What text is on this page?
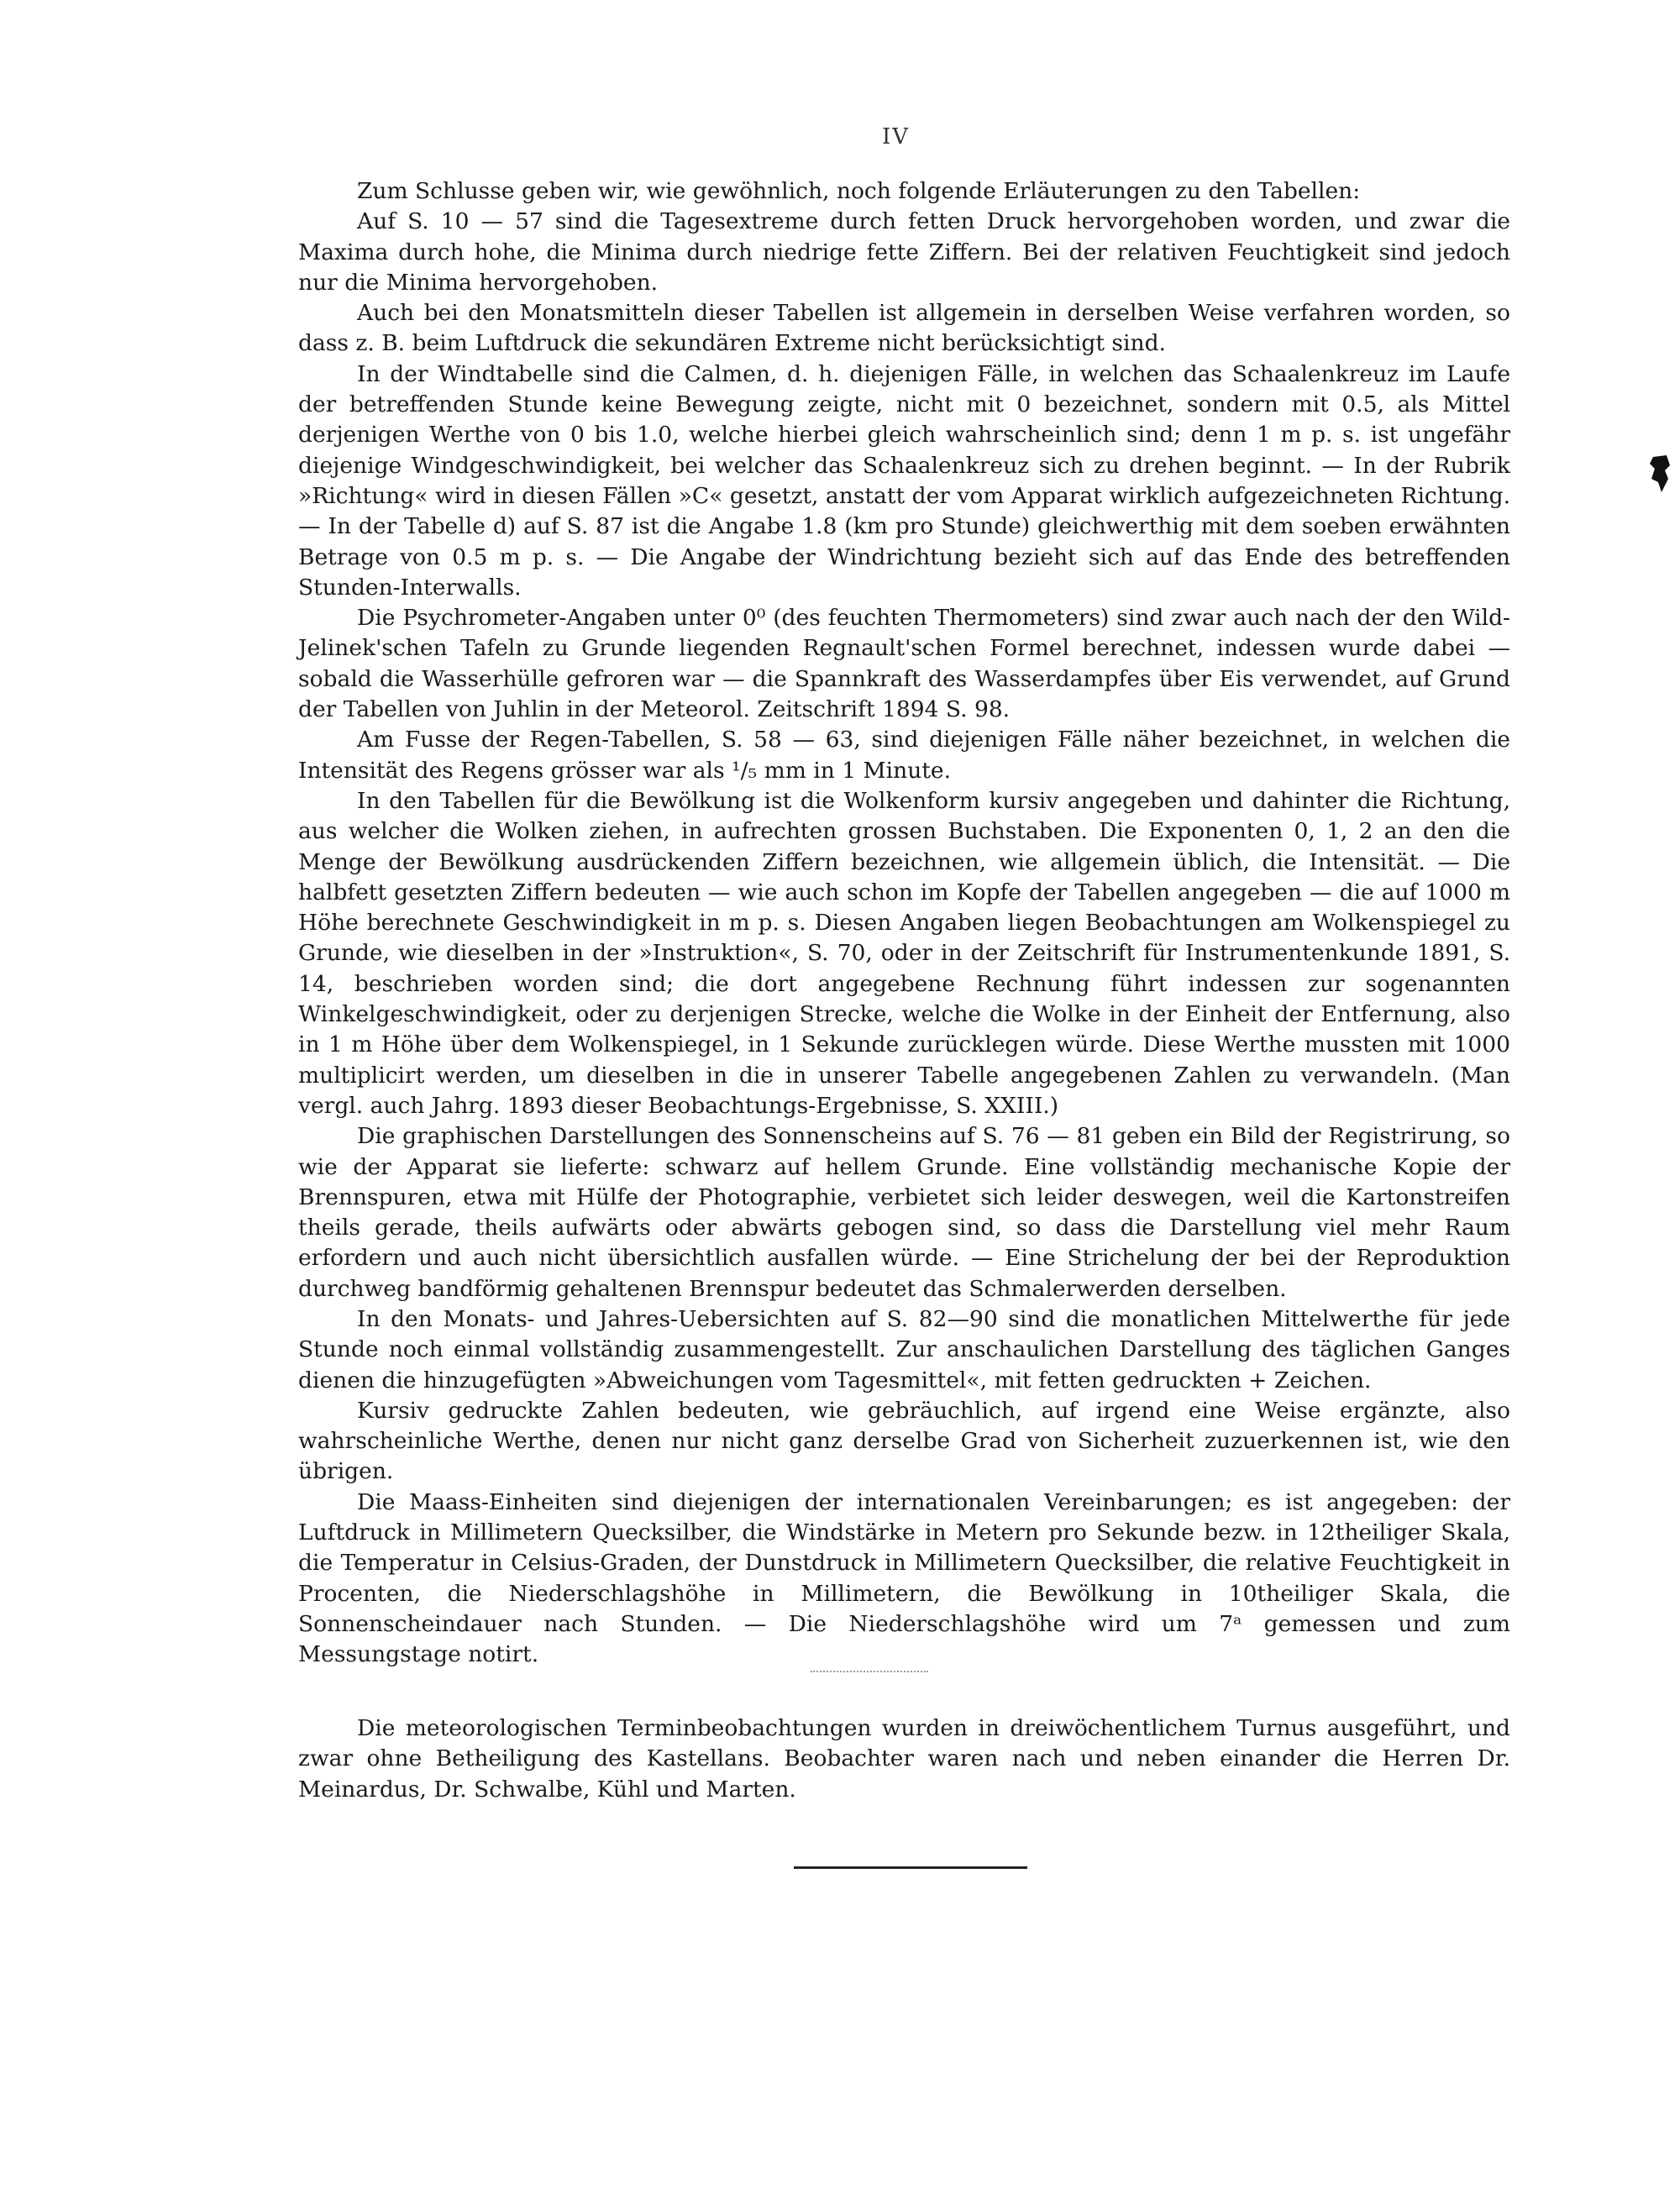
IV

Zum Schlusse geben wir, wie gewöhnlich, noch folgende Erläuterungen zu den Tabellen:

Auf S. 10 — 57 sind die Tagesextreme durch fetten Druck hervorgehoben worden, und zwar die Maxima durch hohe, die Minima durch niedrige fette Ziffern. Bei der relativen Feuchtigkeit sind jedoch nur die Minima hervorgehoben.

Auch bei den Monatsmitteln dieser Tabellen ist allgemein in derselben Weise verfahren worden, so dass z. B. beim Luftdruck die sekundären Extreme nicht berücksichtigt sind.

In der Windtabelle sind die Calmen, d. h. diejenigen Fälle, in welchen das Schaalenkreuz im Laufe der betreffenden Stunde keine Bewegung zeigte, nicht mit 0 bezeichnet, sondern mit 0.5, als Mittel derjenigen Werthe von 0 bis 1.0, welche hierbei gleich wahrscheinlich sind; denn 1 m p. s. ist ungefähr diejenige Windgeschwindigkeit, bei welcher das Schaalenkreuz sich zu drehen beginnt. — In der Rubrik »Richtung« wird in diesen Fällen »C« gesetzt, anstatt der vom Apparat wirklich aufgezeichneten Richtung. — In der Tabelle d) auf S. 87 ist die Angabe 1.8 (km pro Stunde) gleichwerthig mit dem soeben erwähnten Betrage von 0.5 m p. s. — Die Angabe der Windrichtung bezieht sich auf das Ende des betreffenden Stunden-Interwalls.

Die Psychrometer-Angaben unter 0⁰ (des feuchten Thermometers) sind zwar auch nach der den Wild-Jelinek'schen Tafeln zu Grunde liegenden Regnault'schen Formel berechnet, indessen wurde dabei — sobald die Wasserhülle gefroren war — die Spannkraft des Wasserdampfes über Eis verwendet, auf Grund der Tabellen von Juhlin in der Meteorol. Zeitschrift 1894 S. 98.

Am Fusse der Regen-Tabellen, S. 58 — 63, sind diejenigen Fälle näher bezeichnet, in welchen die Intensität des Regens grösser war als ¹/₅ mm in 1 Minute.

In den Tabellen für die Bewölkung ist die Wolkenform kursiv angegeben und dahinter die Richtung, aus welcher die Wolken ziehen, in aufrechten grossen Buchstaben. Die Exponenten 0, 1, 2 an den die Menge der Bewölkung ausdrückenden Ziffern bezeichnen, wie allgemein üblich, die Intensität. — Die halbfett gesetzten Ziffern bedeuten — wie auch schon im Kopfe der Tabellen angegeben — die auf 1000 m Höhe berechnete Geschwindigkeit in m p. s. Diesen Angaben liegen Beobachtungen am Wolkenspiegel zu Grunde, wie dieselben in der »Instruktion«, S. 70, oder in der Zeitschrift für Instrumentenkunde 1891, S. 14, beschrieben worden sind; die dort angegebene Rechnung führt indessen zur sogenannten Winkelgeschwindigkeit, oder zu derjenigen Strecke, welche die Wolke in der Einheit der Entfernung, also in 1 m Höhe über dem Wolkenspiegel, in 1 Sekunde zurücklegen würde. Diese Werthe mussten mit 1000 multiplicirt werden, um dieselben in die in unserer Tabelle angegebenen Zahlen zu verwandeln. (Man vergl. auch Jahrg. 1893 dieser Beobachtungs-Ergebnisse, S. XXIII.)

Die graphischen Darstellungen des Sonnenscheins auf S. 76 — 81 geben ein Bild der Registrirung, so wie der Apparat sie lieferte: schwarz auf hellem Grunde. Eine vollständig mechanische Kopie der Brennspuren, etwa mit Hülfe der Photographie, verbietet sich leider deswegen, weil die Kartonstreifen theils gerade, theils aufwärts oder abwärts gebogen sind, so dass die Darstellung viel mehr Raum erfordern und auch nicht übersichtlich ausfallen würde. — Eine Strichelung der bei der Reproduktion durchweg bandförmig gehaltenen Brennspur bedeutet das Schmalerwerden derselben.

In den Monats- und Jahres-Uebersichten auf S. 82—90 sind die monatlichen Mittelwerthe für jede Stunde noch einmal vollständig zusammengestellt. Zur anschaulichen Darstellung des täglichen Ganges dienen die hinzugefügten »Abweichungen vom Tagesmittel«, mit fetten gedruckten + Zeichen.

Kursiv gedruckte Zahlen bedeuten, wie gebräuchlich, auf irgend eine Weise ergänzte, also wahrscheinliche Werthe, denen nur nicht ganz derselbe Grad von Sicherheit zuzuerkennen ist, wie den übrigen.

Die Maass-Einheiten sind diejenigen der internationalen Vereinbarungen; es ist angegeben: der Luftdruck in Millimetern Quecksilber, die Windstärke in Metern pro Sekunde bezw. in 12theiliger Skala, die Temperatur in Celsius-Graden, der Dunstdruck in Millimetern Quecksilber, die relative Feuchtigkeit in Procenten, die Niederschlagshöhe in Millimetern, die Bewölkung in 10theiliger Skala, die Sonnenscheindauer nach Stunden. — Die Niederschlagshöhe wird um 7ᵃ gemessen und zum Messungstage notirt.

Die meteorologischen Terminbeobachtungen wurden in dreiwöchentlichem Turnus ausgeführt, und zwar ohne Betheiligung des Kastellans. Beobachter waren nach und neben einander die Herren Dr. Meinardus, Dr. Schwalbe, Kühl und Marten.
